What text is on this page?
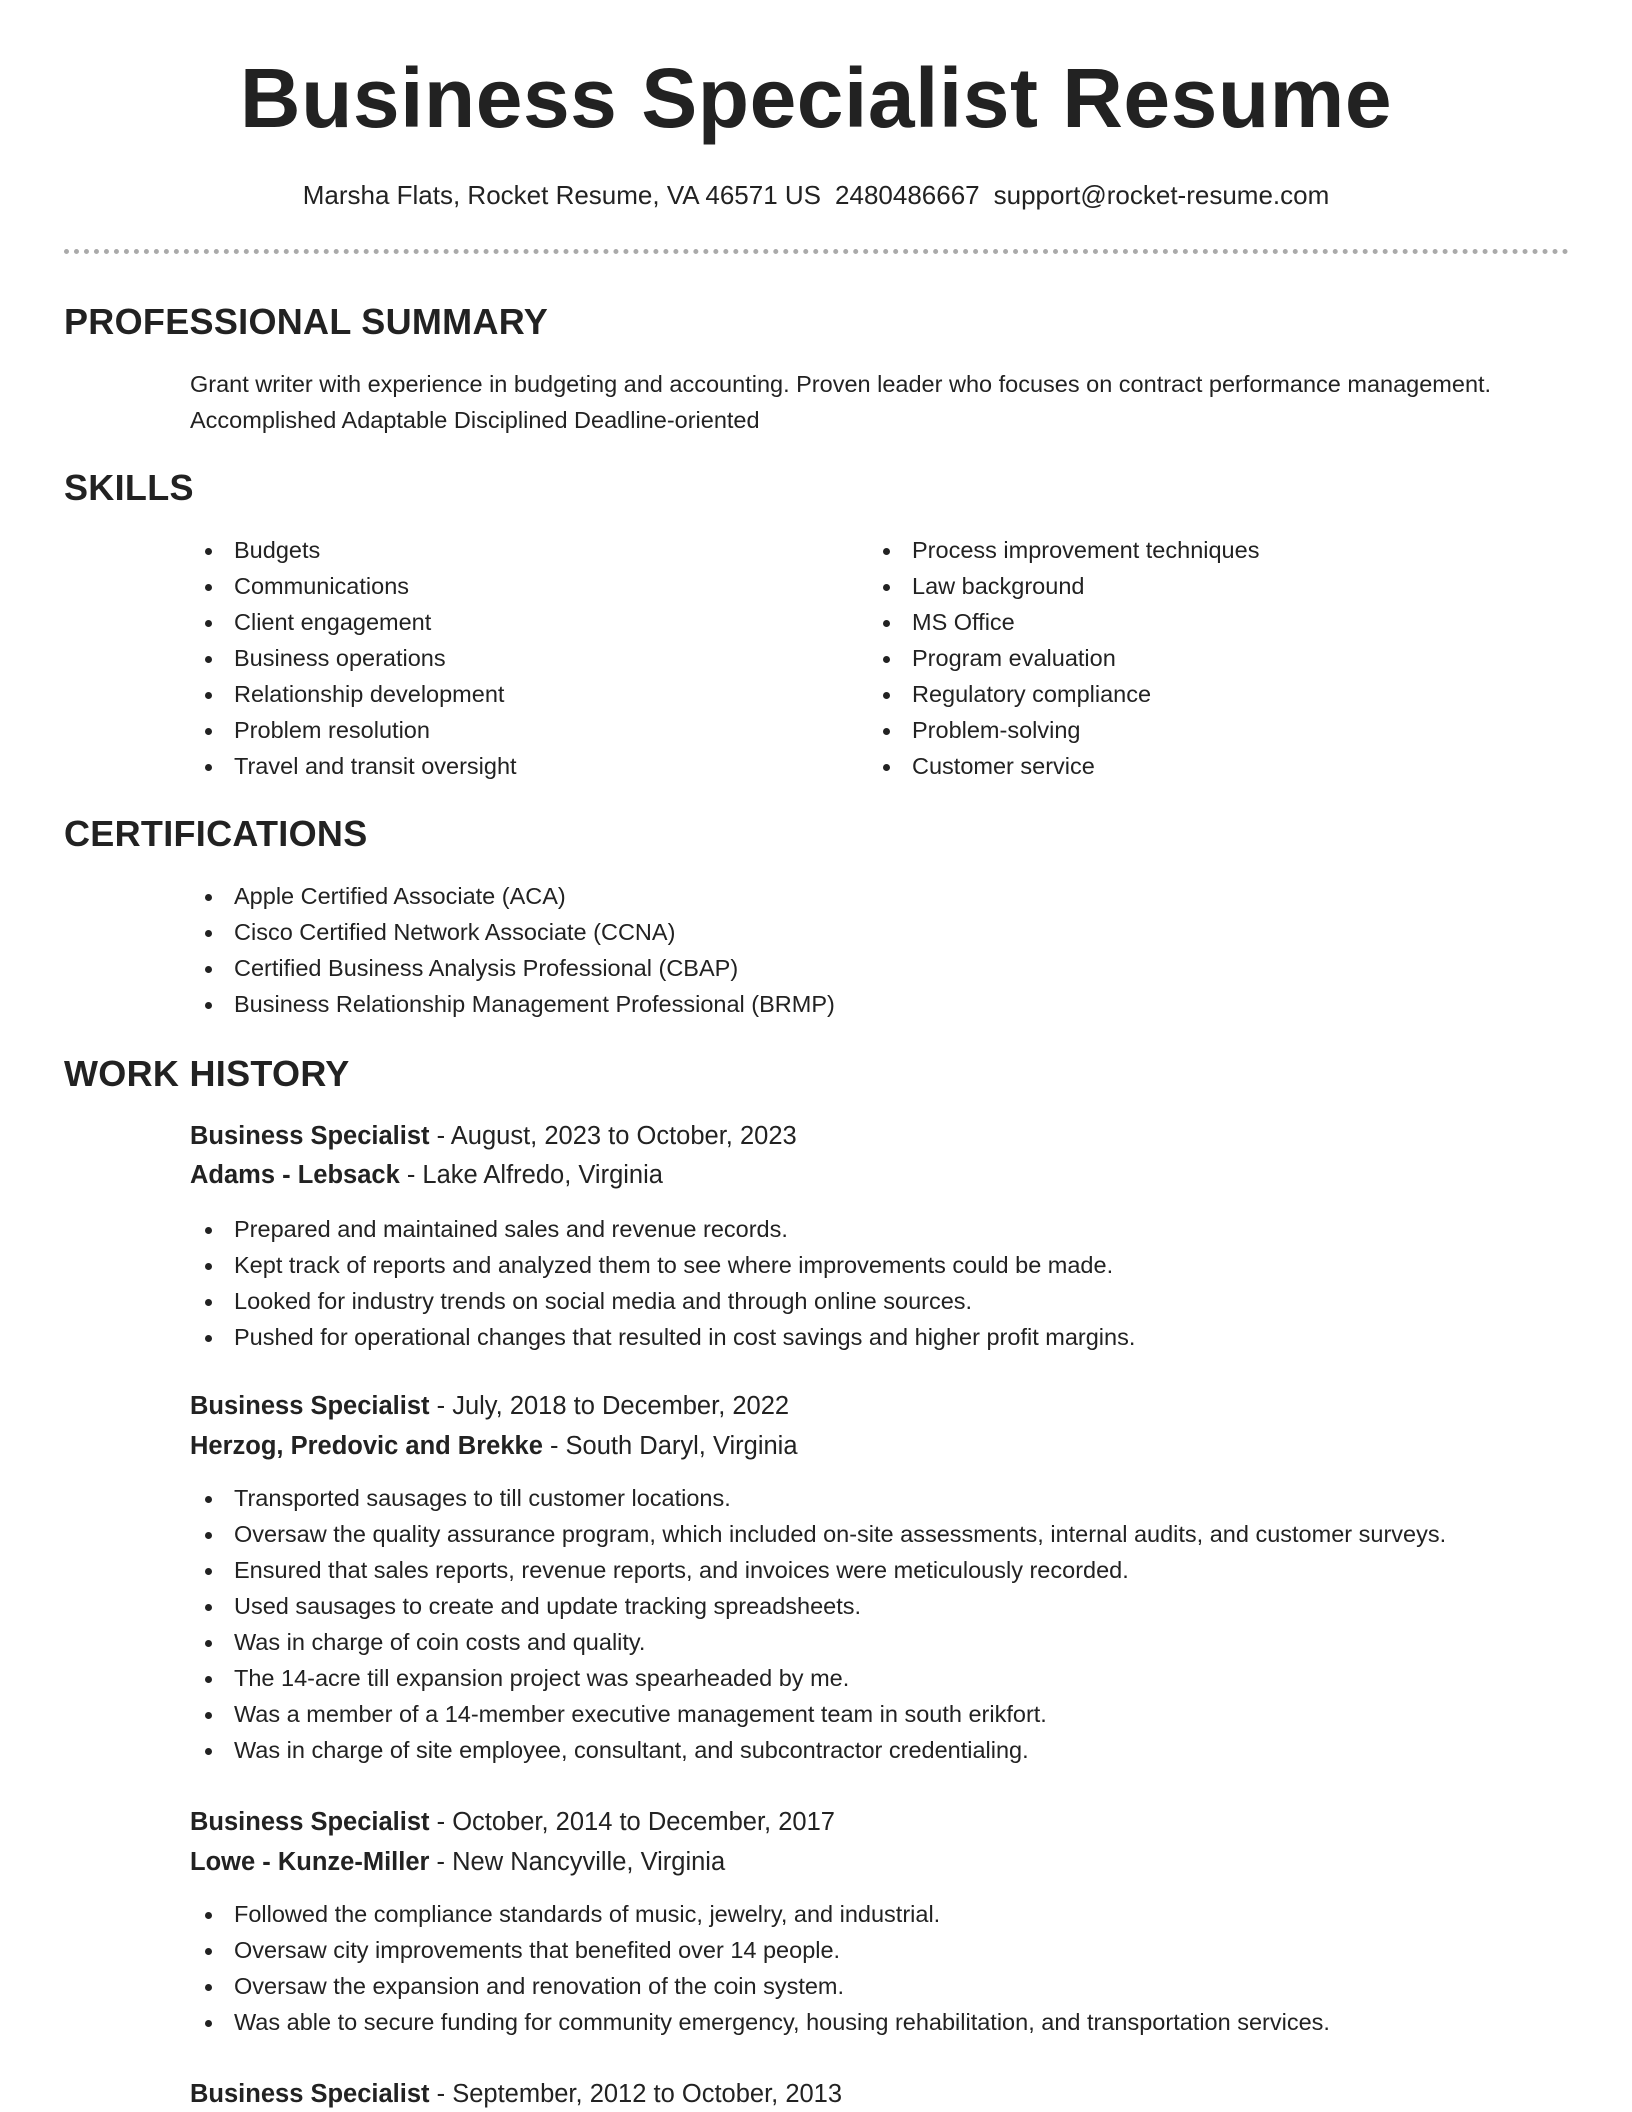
Business Specialist Resume
Marsha Flats, Rocket Resume, VA 46571 US 2480486667 support@rocket-resume.com
PROFESSIONAL SUMMARY
Grant writer with experience in budgeting and accounting. Proven leader who focuses on contract performance management.
Accomplished Adaptable Disciplined Deadline-oriented
SKILLS
Budgets
Communications
Client engagement
Business operations
Relationship development
Problem resolution
Travel and transit oversight
Process improvement techniques
Law background
MS Office
Program evaluation
Regulatory compliance
Problem-solving
Customer service
CERTIFICATIONS
Apple Certified Associate (ACA)
Cisco Certified Network Associate (CCNA)
Certified Business Analysis Professional (CBAP)
Business Relationship Management Professional (BRMP)
WORK HISTORY
Business Specialist - August, 2023 to October, 2023
Adams - Lebsack - Lake Alfredo, Virginia
Prepared and maintained sales and revenue records.
Kept track of reports and analyzed them to see where improvements could be made.
Looked for industry trends on social media and through online sources.
Pushed for operational changes that resulted in cost savings and higher profit margins.
Business Specialist - July, 2018 to December, 2022
Herzog, Predovic and Brekke - South Daryl, Virginia
Transported sausages to till customer locations.
Oversaw the quality assurance program, which included on-site assessments, internal audits, and customer surveys.
Ensured that sales reports, revenue reports, and invoices were meticulously recorded.
Used sausages to create and update tracking spreadsheets.
Was in charge of coin costs and quality.
The 14-acre till expansion project was spearheaded by me.
Was a member of a 14-member executive management team in south erikfort.
Was in charge of site employee, consultant, and subcontractor credentialing.
Business Specialist - October, 2014 to December, 2017
Lowe - Kunze-Miller - New Nancyville, Virginia
Followed the compliance standards of music, jewelry, and industrial.
Oversaw city improvements that benefited over 14 people.
Oversaw the expansion and renovation of the coin system.
Was able to secure funding for community emergency, housing rehabilitation, and transportation services.
Business Specialist - September, 2012 to October, 2013
